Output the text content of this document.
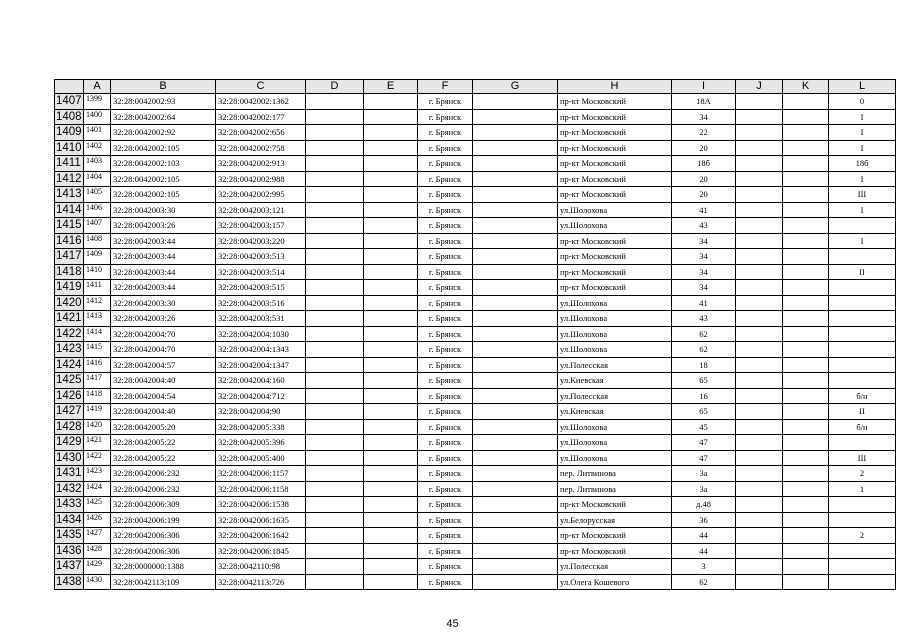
	A	B	C	D	E	F	G	H	I	J	K	L
1407	1399	32:28:0042002:93	32:28:0042002:1362			г. Брянск		пр-кт Московский	18А			0
1408	1400	32:28:0042002:64	32:28:0042002:177			г. Брянск		пр-кт Московский	34			I
1409	1401	32:28:0042002:92	32:28:0042002:656			г. Брянск		пр-кт Московский	22			I
1410	1402	32:28:0042002:105	32:28:0042002:758			г. Брянск		пр-кт Московский	20			I
1411	1403	32:28:0042002:103	32:28:0042002:913			г. Брянск		пр-кт Московский	18б			18б
1412	1404	32:28:0042002:105	32:28:0042002:988			г. Брянск		пр-кт Московский	20			I
1413	1405	32:28:0042002:105	32:28:0042002:995			г. Брянск		пр-кт Московский	20			III
1414	1406	32:28:0042003:30	32:28:0042003:121			г. Брянск		ул.Шолохова	41			I
1415	1407	32:28:0042003:26	32:28:0042003:157			г. Брянск		ул.Шолохова	43			
1416	1408	32:28:0042003:44	32:28:0042003:220			г. Брянск		пр-кт Московский	34			I
1417	1409	32:28:0042003:44	32:28:0042003:513			г. Брянск		пр-кт Московский	34			
1418	1410	32:28:0042003:44	32:28:0042003:514			г. Брянск		пр-кт Московский	34			II
1419	1411	32:28:0042003:44	32:28:0042003:515			г. Брянск		пр-кт Московский	34			
1420	1412	32:28:0042003:30	32:28:0042003:516			г. Брянск		ул.Шолохова	41			
1421	1413	32:28:0042003:26	32:28:0042003:531			г. Брянск		ул.Шолохова	43			
1422	1414	32:28:0042004:70	32:28:0042004:1030			г. Брянск		ул.Шолохова	62			
1423	1415	32:28:0042004:70	32:28:0042004:1343			г. Брянск		ул.Шолохова	62			
1424	1416	32:28:0042004:57	32:28:0042004:1347			г. Брянск		ул.Полесская	18			
1425	1417	32:28:0042004:40	32:28:0042004:160			г. Брянск		ул.Киевская	65			
1426	1418	32:28:0042004:54	32:28:0042004:712			г. Брянск		ул.Полесская	16			б/н
1427	1419	32:28:0042004:40	32:28:0042004:90			г. Брянск		ул.Киевская	65			II
1428	1420	32:28:0042005:20	32:28:0042005:338			г. Брянск		ул.Шолохова	45			б/н
1429	1421	32:28:0042005:22	32:28:0042005:396			г. Брянск		ул.Шолохова	47			
1430	1422	32:28:0042005:22	32:28:0042005:400			г. Брянск		ул.Шолохова	47			III
1431	1423	32:28:0042006:232	32:28:0042006:1157			г. Брянск		пер. Литвинова	3а			2
1432	1424	32:28:0042006:232	32:28:0042006:1158			г. Брянск		пер. Литвинова	3а			1
1433	1425	32:28:0042006:309	32:28:0042006:1538			г. Брянск		пр-кт Московский	д.48			
1434	1426	32:28:0042006:199	32:28:0042006:1635			г. Брянск		ул.Белорусская	36			
1435	1427	32:28:0042006:306	32:28:0042006:1642			г. Брянск		пр-кт Московский	44			2
1436	1428	32:28:0042006:306	32:28:0042006:1845			г. Брянск		пр-кт Московский	44			
1437	1429	32:28:0000000:1388	32:28:0042110:98			г. Брянск		ул.Полесская	3			
1438	1430	32:28:0042113:109	32:28:0042113:726			г. Брянск		ул.Олега Кошевого	62			
45
